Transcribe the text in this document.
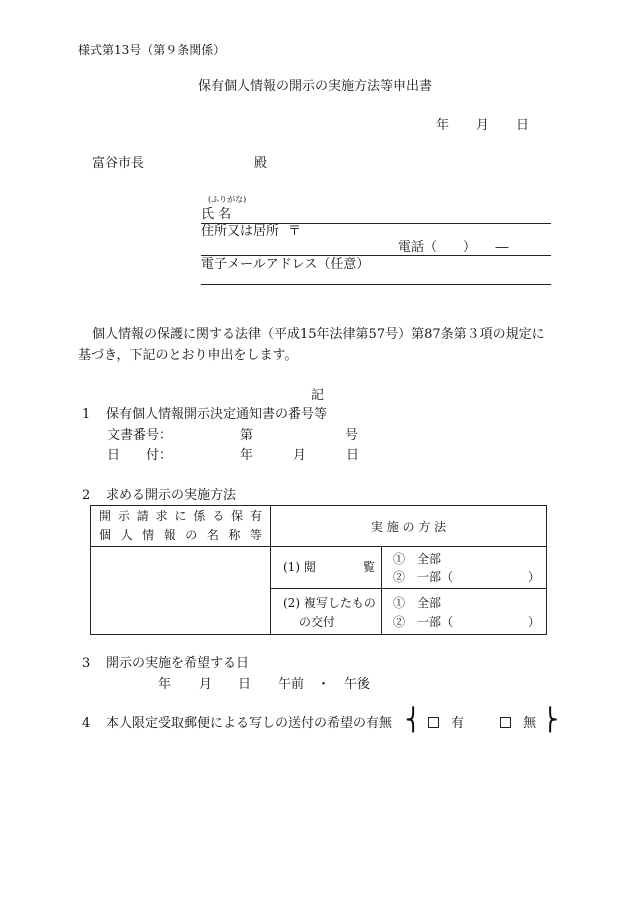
様式第13号（第９条関係）
保有個人情報の開示の実施方法等申出書
年 月 日
富谷市長	殿
(ふりがな)
氏 名
住所又は居所 〒
電話（　　）　　―
電子メールアドレス（任意）
個人情報の保護に関する法律（平成15年法律第57号）第87条第３項の規定に
基づき，下記のとおり申出をします。
記
1 保有個人情報開示決定通知書の番号等
文書番号：	第	号
日　　付：	年	月	日
2 求める開示の実施方法
開示請求に係る保有
個人情報の名称等	実 施 の 方 法	

	(1) 閲 覧	①　全部
②　一部（ ）

	(2) 複写したもの
の交付	①　全部
②　一部（ ）
3 開示の実施を希望する日
年 月 日 午前 ・ 午後
4 本人限定受取郵便による写しの送付の希望の有無 ⎨	有	無 ⎬
